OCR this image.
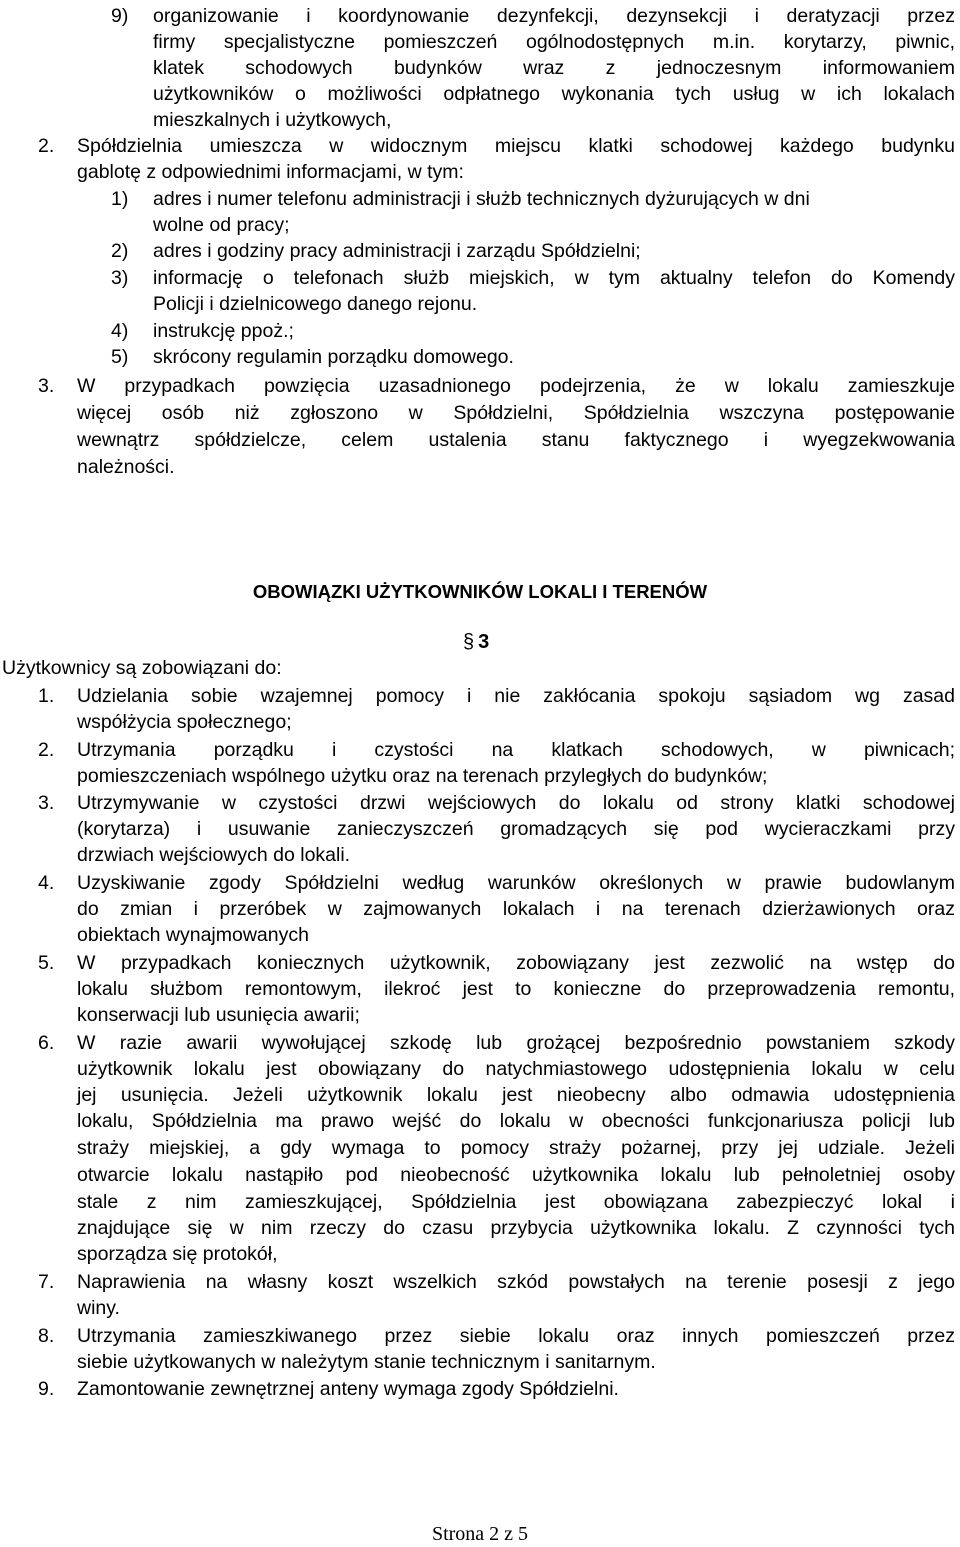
9) organizowanie i koordynowanie dezynfekcji, dezynsekcji i deratyzacji przez
firmy specjalistyczne pomieszczeń ogólnodostępnych m.in. korytarzy, piwnic,
klatek schodowych budynków wraz z jednoczesnym informowaniem
użytkowników o możliwości odpłatnego wykonania tych usług w ich lokalach
mieszkalnych i użytkowych,
2. Spółdzielnia umieszcza w widocznym miejscu klatki schodowej każdego budynku
gablotę z odpowiednimi informacjami, w tym:
1) adres i numer telefonu administracji i służb technicznych dyżurujących w dni
wolne od pracy;
2) adres i godziny pracy administracji i zarządu Spółdzielni;
3) informację o telefonach służb miejskich, w tym aktualny telefon do Komendy
Policji i dzielnicowego danego rejonu.
4) instrukcję ppoż.;
5) skrócony regulamin porządku domowego.
3. W przypadkach powzięcia uzasadnionego podejrzenia, że w lokalu zamieszkuje
więcej osób niż zgłoszono w Spółdzielni, Spółdzielnia wszczyna postępowanie
wewnątrz spółdzielcze, celem ustalenia stanu faktycznego i wyegzekwowania
należności.
OBOWIĄZKI UŻYTKOWNIKÓW LOKALI I TERENÓW
§ 3
Użytkownicy są zobowiązani do:
1. Udzielania sobie wzajemnej pomocy i nie zakłócania spokoju sąsiadom wg zasad
współżycia społecznego;
2. Utrzymania porządku i czystości na klatkach schodowych, w piwnicach;
pomieszczeniach wspólnego użytku oraz na terenach przyległych do budynków;
3. Utrzymywanie w czystości drzwi wejściowych do lokalu od strony klatki schodowej
(korytarza) i usuwanie zanieczyszczeń gromadzących się pod wycieraczkami przy
drzwiach wejściowych do lokali.
4. Uzyskiwanie zgody Spółdzielni według warunków określonych w prawie budowlanym
do zmian i przeróbek w zajmowanych lokalach i na terenach dzierżawionych oraz
obiektach wynajmowanych
5. W przypadkach koniecznych użytkownik, zobowiązany jest zezwolić na wstęp do
lokalu służbom remontowym, ilekroć jest to konieczne do przeprowadzenia remontu,
konserwacji lub usunięcia awarii;
6. W razie awarii wywołującej szkodę lub grożącej bezpośrednio powstaniem szkody
użytkownik lokalu jest obowiązany do natychmiastowego udostępnienia lokalu w celu
jej usunięcia. Jeżeli użytkownik lokalu jest nieobecny albo odmawia udostępnienia
lokalu, Spółdzielnia ma prawo wejść do lokalu w obecności funkcjonariusza policji lub
straży miejskiej, a gdy wymaga to pomocy straży pożarnej, przy jej udziale. Jeżeli
otwarcie lokalu nastąpiło pod nieobecność użytkownika lokalu lub pełnoletniej osoby
stale z nim zamieszkującej, Spółdzielnia jest obowiązana zabezpieczyć lokal i
znajdujące się w nim rzeczy do czasu przybycia użytkownika lokalu. Z czynności tych
sporządza się protokół,
7. Naprawienia na własny koszt wszelkich szkód powstałych na terenie posesji z jego
winy.
8. Utrzymania zamieszkiwanego przez siebie lokalu oraz innych pomieszczeń przez
siebie użytkowanych w należytym stanie technicznym i sanitarnym.
9. Zamontowanie zewnętrznej anteny wymaga zgody Spółdzielni.
Strona 2 z 5
